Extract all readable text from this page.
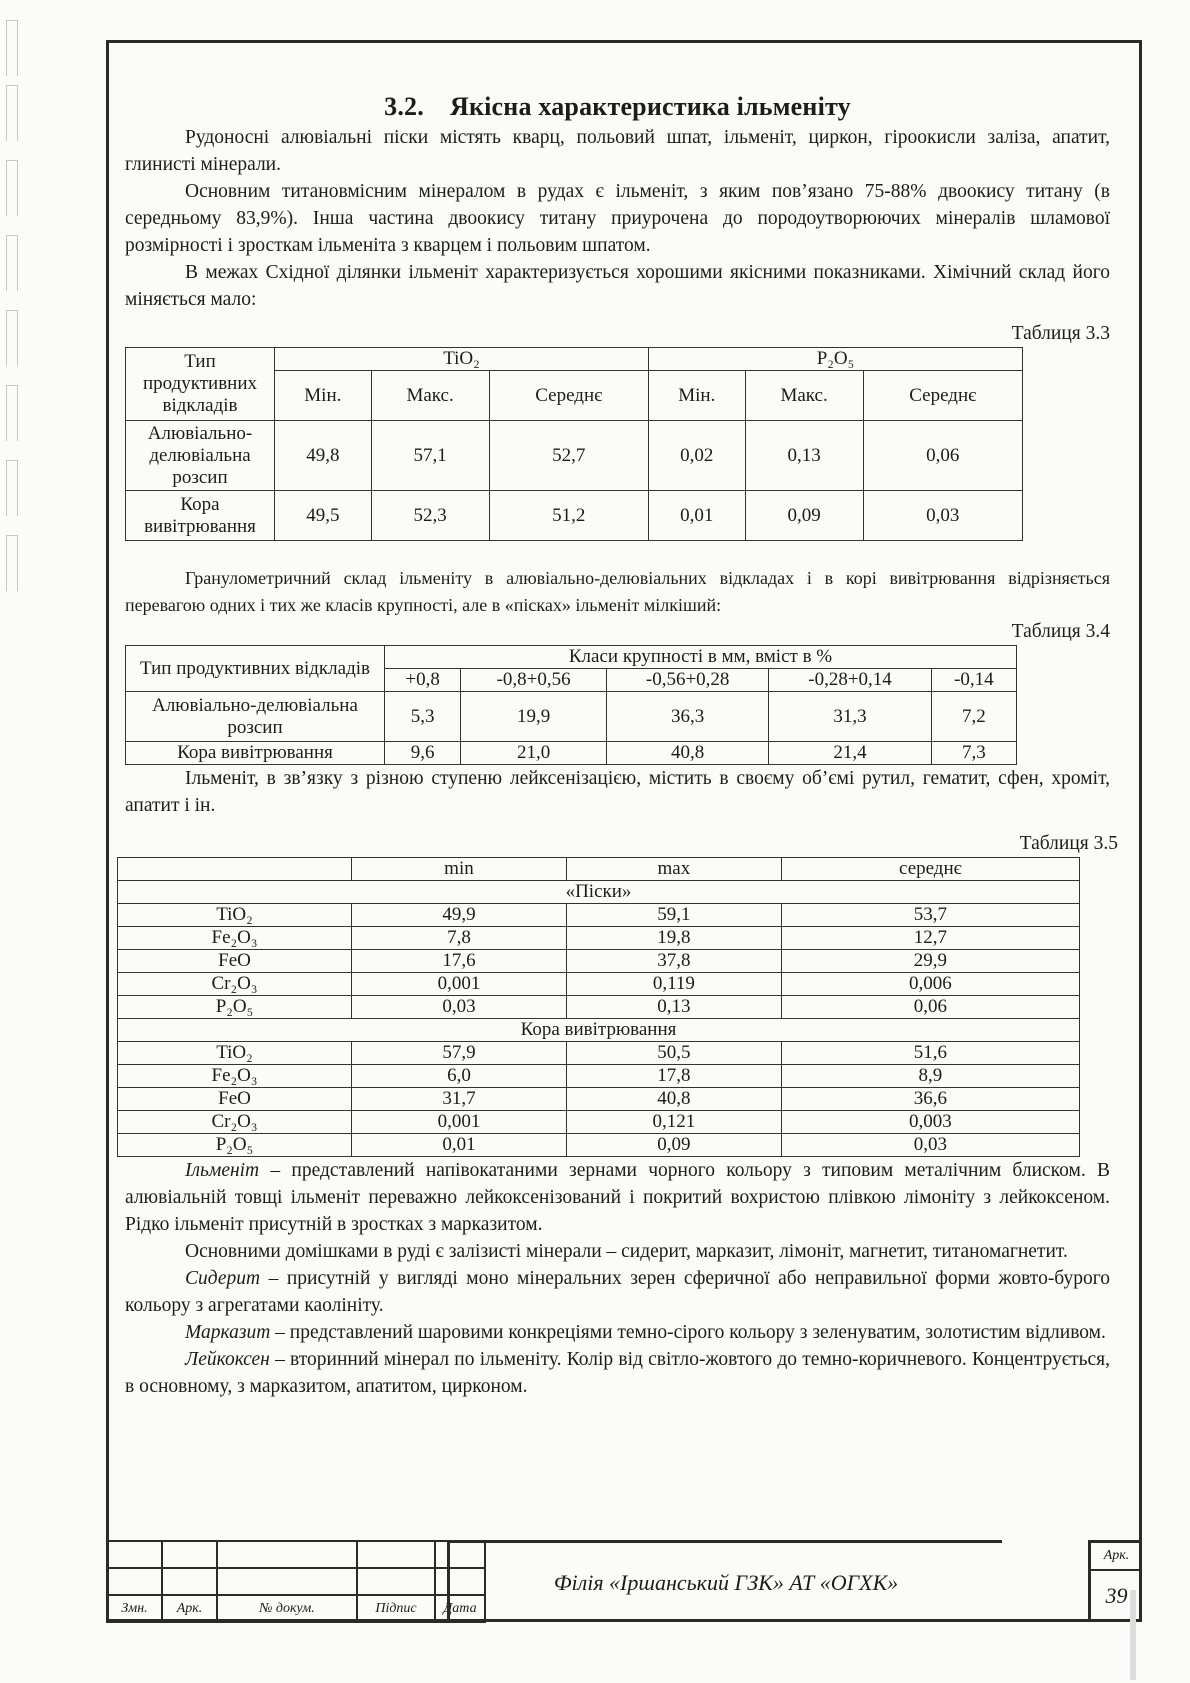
3.2. Якісна характеристика ільменіту

Рудоносні алювіальні піски містять кварц, польовий шпат, ільменіт, циркон, гіроокисли заліза, апатит, глинисті мінерали.

Основним титановмісним мінералом в рудах є ільменіт, з яким пов’язано 75-88% двоокису титану (в середньому 83,9%). Інша частина двоокису титану приурочена до породоутворюючих мінералів шламової розмірності і зросткам ільменіта з кварцем і польовим шпатом.

В межах Східної ділянки ільменіт характеризується хорошими якісними показниками. Хімічний склад його міняється мало:

Таблиця 3.3

Тип продуктивних відкладів	TiO₂			P₂O₅		
	Мін.	Макс.	Середнє	Мін.	Макс.	Середнє
Алювіально-делювіальна розсип	49,8	57,1	52,7	0,02	0,13	0,06
Кора вивітрювання	49,5	52,3	51,2	0,01	0,09	0,03

Гранулометричний склад ільменіту в алювіально-делювіальних відкладах і в корі вивітрювання відрізняється перевагою одних і тих же класів крупності, але в «пісках» ільменіт мілкіший:

Таблиця 3.4

Тип продуктивних відкладів	Класи крупності в мм, вміст в %				
	+0,8	-0,8+0,56	-0,56+0,28	-0,28+0,14	-0,14
Алювіально-делювіальна розсип	5,3	19,9	36,3	31,3	7,2
Кора вивітрювання	9,6	21,0	40,8	21,4	7,3

Ільменіт, в зв’язку з різною ступеню лейксенізацією, містить в своєму об’ємі рутил, гематит, сфен, хроміт, апатит і ін.

Таблиця 3.5

	min	max	середнє
«Піски»			
TiO₂	49,9	59,1	53,7
Fe₂O₃	7,8	19,8	12,7
FeO	17,6	37,8	29,9
Cr₂O₃	0,001	0,119	0,006
P₂O₅	0,03	0,13	0,06
Кора вивітрювання			
TiO₂	57,9	50,5	51,6
Fe₂O₃	6,0	17,8	8,9
FeO	31,7	40,8	36,6
Cr₂O₃	0,001	0,121	0,003
P₂O₅	0,01	0,09	0,03

Ільменіт – представлений напівокатаними зернами чорного кольору з типовим металічним блиском. В алювіальній товщі ільменіт переважно лейкоксенізований і покритий вохристою плівкою лімоніту з лейкоксеном. Рідко ільменіт присутній в зростках з марказитом.

Основними домішками в руді є залізисті мінерали – сидерит, марказит, лімоніт, магнетит, титаномагнетит.

Сидерит – присутній у вигляді моно мінеральних зерен сферичної або неправильної форми жовто-бурого кольору з агрегатами каолініту.

Марказит – представлений шаровими конкреціями темно-сірого кольору з зеленуватим, золотистим відливом.

Лейкоксен – вторинний мінерал по ільменіту. Колір від світло-жовтого до темно-коричневого. Концентрується, в основному, з марказитом, апатитом, цирконом.

Змн.	Арк.	№ докум.	Підпис	Дата
Філія «Іршанський ГЗК» АТ «ОГХК»
Арк.
39
